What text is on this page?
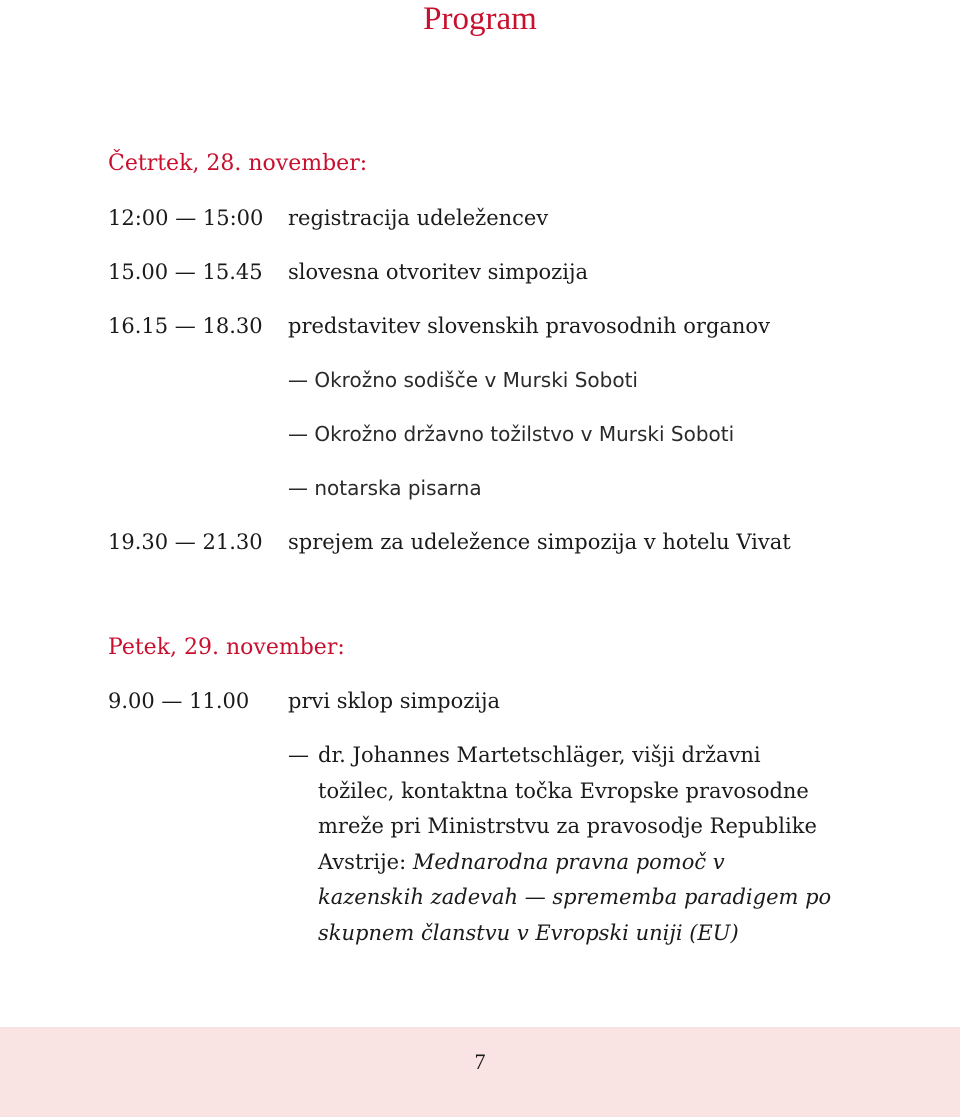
Program
Četrtek, 28. november:
12:00 — 15:00 registracija udeležencev
15.00 — 15.45 slovesna otvoritev simpozija
16.15 — 18.30 predstavitev slovenskih pravosodnih organov
— Okrožno sodišče v Murski Soboti
— Okrožno državno tožilstvo v Murski Soboti
— notarska pisarna
19.30 — 21.30 sprejem za udeležence simpozija v hotelu Vivat
Petek, 29. november:
9.00 — 11.00 prvi sklop simpozija
— dr. Johannes Martetschläger, višji državni
tožilec, kontaktna točka Evropske pravosodne
mreže pri Ministrstvu za pravosodje Republike
Avstrije: Mednarodna pravna pomoč v
kazenskih zadevah — sprememba paradigem po
skupnem članstvu v Evropski uniji (EU)
7
